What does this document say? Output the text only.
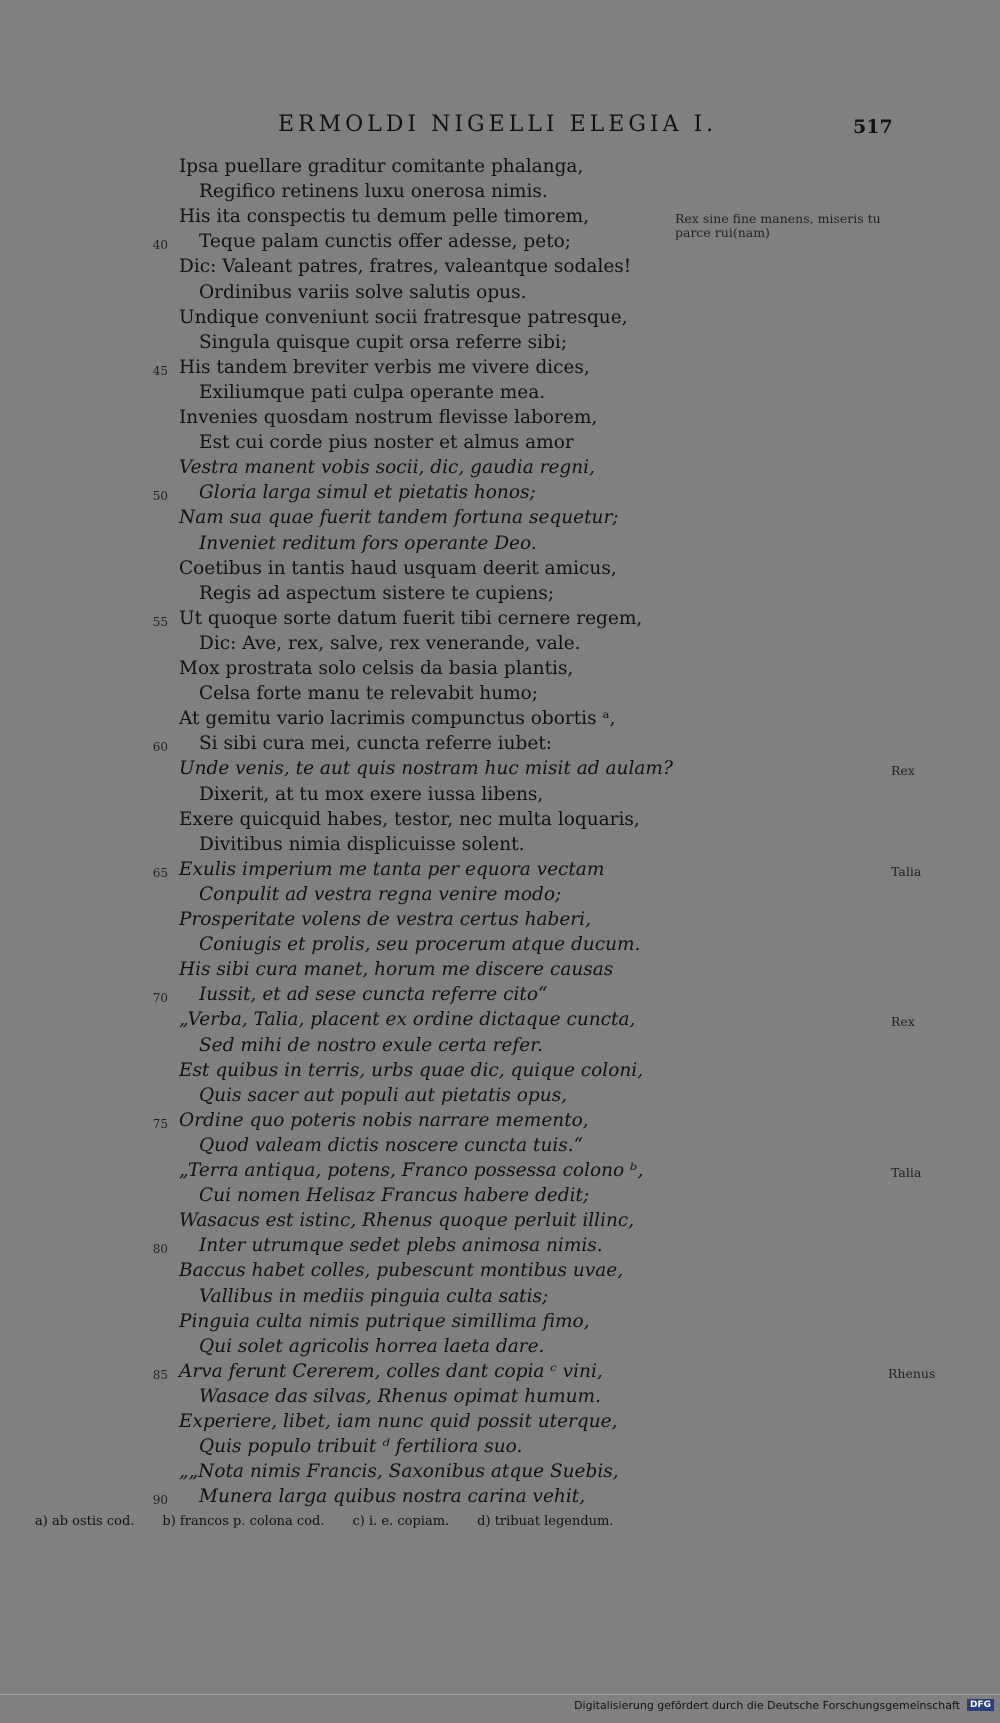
ERMOLDI NIGELLI ELEGIA I.	517
Ipsa puellare graditur comitante phalanga,
Regifico retinens luxu onerosa nimis.
His ita conspectis tu demum pelle timorem,
40 Teque palam cunctis offer adesse, peto;
Dic: Valeant patres, fratres, valeantque sodales!
Ordinibus variis solve salutis opus.
Undique conveniunt socii fratresque patresque,
Singula quisque cupit orsa referre sibi;
45 His tandem breviter verbis me vivere dices,
Exiliumque pati culpa operante mea.
Invenies quosdam nostrum flevisse laborem,
Est cui corde pius noster et almus amor
Vestra manent vobis socii, dic, gaudia regni,
50 Gloria larga simul et pietatis honos;
Nam sua quae fuerit tandem fortuna sequetur;
Inveniet reditum fors operante Deo.
Coetibus in tantis haud usquam deerit amicus,
Regis ad aspectum sistere te cupiens;
55 Ut quoque sorte datum fuerit tibi cernere regem,
Dic: Ave, rex, salve, rex venerande, vale.
Mox prostrata solo celsis da basia plantis,
Celsa forte manu te relevabit humo;
At gemitu vario lacrimis compunctus obortis ᵃ,
60 Si sibi cura mei, cuncta referre iubet:
Unde venis, te aut quis nostram huc misit ad aulam?
Dixerit, at tu mox exere iussa libens,
Exere quicquid habes, testor, nec multa loquaris,
Divitibus nimia displicuisse solent.
65 Exulis imperium me tanta per equora vectam
Conpulit ad vestra regna venire modo;
Prosperitate volens de vestra certus haberi,
Coniugis et prolis, seu procerum atque ducum.
His sibi cura manet, horum me discere causas
70 Iussit, et ad sese cuncta referre cito“
„Verba, Talia, placent ex ordine dictaque cuncta,
Sed mihi de nostro exule certa refer.
Est quibus in terris, urbs quae dic, quique coloni,
Quis sacer aut populi aut pietatis opus,
75 Ordine quo poteris nobis narrare memento,
Quod valeam dictis noscere cuncta tuis.“
„Terra antiqua, potens, Franco possessa colono ᵇ,
Cui nomen Helisaz Francus habere dedit;
Wasacus est istinc, Rhenus quoque perluit illinc,
80 Inter utrumque sedet plebs animosa nimis.
Baccus habet colles, pubescunt montibus uvae,
Vallibus in mediis pinguia culta satis;
Pinguia culta nimis putrique simillima fimo,
Qui solet agricolis horrea laeta dare.
85 Arva ferunt Cererem, colles dant copia ᶜ vini,
Wasace das silvas, Rhenus opimat humum.
Experiere, libet, iam nunc quid possit uterque,
Quis populo tribuit ᵈ fertiliora suo.
„„Nota nimis Francis, Saxonibus atque Suebis,
90 Munera larga quibus nostra carina vehit,
Rex sine fine manens, miseris tu parce rui(nam)
Rex
Talia
Rex
Talia
Rhenus
a) ab ostis cod. b) francos p. colona cod. c) i. e. copiam. d) tribuat legendum.
Digitalisierung gefördert durch die Deutsche Forschungsgemeinschaft	DFG
